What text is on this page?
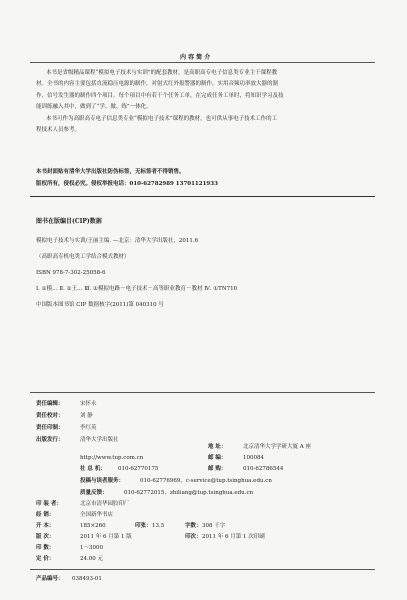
内 容 简 介
本书是省级精品课程“模拟电子技术与实训”的配套教材，是高职高专电子信息类专业主干课程教
材。全书的内容主要包括直流稳压电源的制作，对射式红外报警器的制作，实用音频功率放大器的制
作，信号发生器的制作四个项目。每个项目中有若干个任务工单，在完成任务工单时，将知识学习及技
能训练融入其中，做到了“学、做、练”一体化。
本书可作为高职高专电子信息类专业“模拟电子技术”课程的教材，也可供从事电子技术工作的工
程技术人员参考。
本书封面贴有清华大学出版社防伪标签，无标签者不得销售。
版权所有，侵权必究。侵权举报电话：010-62782989 13701121933
图书在版编目(CIP)数据
模拟电子技术与实训/王丽主编. —北京：清华大学出版社，2011.6
（高职高专机电类工学结合模式教材）
ISBN 978-7-302-25058-6
Ⅰ. ①模… Ⅱ. ①王… Ⅲ. ①模拟电路－电子技术－高等职业教育－教材 Ⅳ. ①TN710
中国版本图书馆 CIP 数据核字(2011)第 040310 号
责任编辑：	宋怀永
责任校对：	刘 静
责任印制：	李红英
出版发行：	清华大学出版社
地 址：	北京清华大学学研大厦 A 座
http://www.tup.com.cn	邮 编：	100084
社 总 机： 010-62770175	邮 购：	010-62786544
投稿与读者服务：	010-62776969，c-service@tup.tsinghua.edu.cn
质量反馈：	010-62772015，zhiliang@tup.tsinghua.edu.cn
印 装 者：	北京市清华园胶印厂
经 销：	全国新华书店
开 本：	185×260	印张： 13.5	字数： 308 千字
版 次：	2011 年 6 月第 1 版	印次： 2011 年 6 月第 1 次印刷
印 数：	1～3000
定 价：	24.00 元
产品编号： 038493-01
